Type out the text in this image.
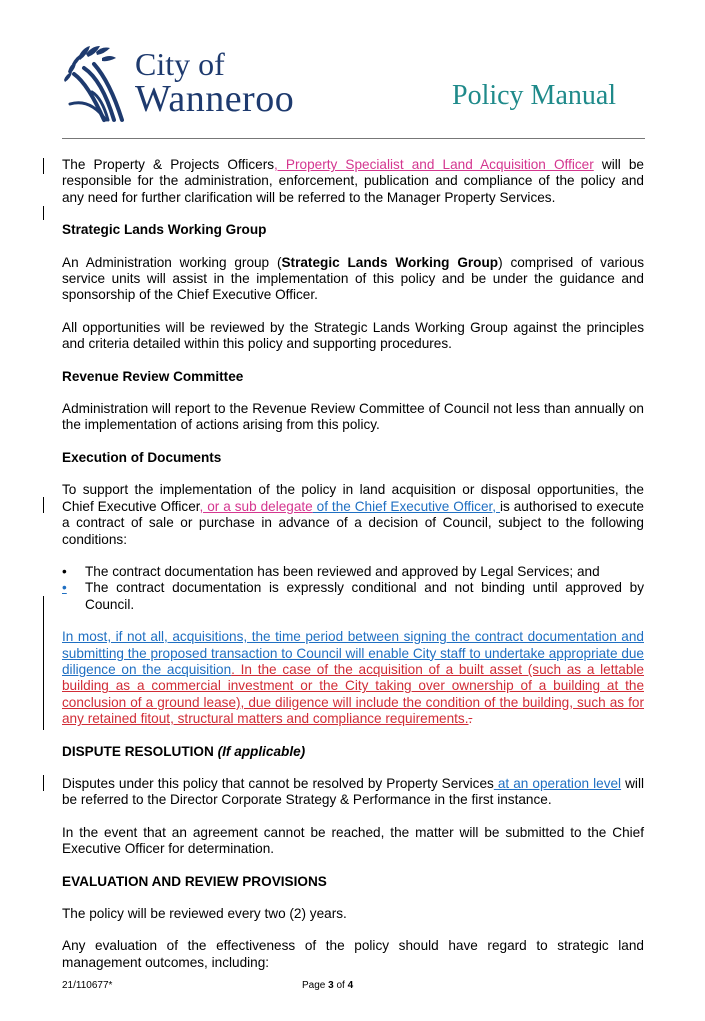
City of
Wanneroo	Policy Manual

The Property & Projects Officers, Property Specialist and Land Acquisition Officer will be responsible for the administration, enforcement, publication and compliance of the policy and any need for further clarification will be referred to the Manager Property Services.

Strategic Lands Working Group

An Administration working group (Strategic Lands Working Group) comprised of various service units will assist in the implementation of this policy and be under the guidance and sponsorship of the Chief Executive Officer.

All opportunities will be reviewed by the Strategic Lands Working Group against the principles and criteria detailed within this policy and supporting procedures.

Revenue Review Committee

Administration will report to the Revenue Review Committee of Council not less than annually on the implementation of actions arising from this policy.

Execution of Documents

To support the implementation of the policy in land acquisition or disposal opportunities, the Chief Executive Officer, or a sub delegate of the Chief Executive Officer, is authorised to execute a contract of sale or purchase in advance of a decision of Council, subject to the following conditions:

• The contract documentation has been reviewed and approved by Legal Services; and
• The contract documentation is expressly conditional and not binding until approved by Council.

In most, if not all, acquisitions, the time period between signing the contract documentation and submitting the proposed transaction to Council will enable City staff to undertake appropriate due diligence on the acquisition. In the case of the acquisition of a built asset (such as a lettable building as a commercial investment or the City taking over ownership of a building at the conclusion of a ground lease), due diligence will include the condition of the building, such as for any retained fitout, structural matters and compliance requirements..

DISPUTE RESOLUTION (If applicable)

Disputes under this policy that cannot be resolved by Property Services at an operation level will be referred to the Director Corporate Strategy & Performance in the first instance.

In the event that an agreement cannot be reached, the matter will be submitted to the Chief Executive Officer for determination.

EVALUATION AND REVIEW PROVISIONS

The policy will be reviewed every two (2) years.

Any evaluation of the effectiveness of the policy should have regard to strategic land management outcomes, including:

21/110677*	Page 3 of 4
